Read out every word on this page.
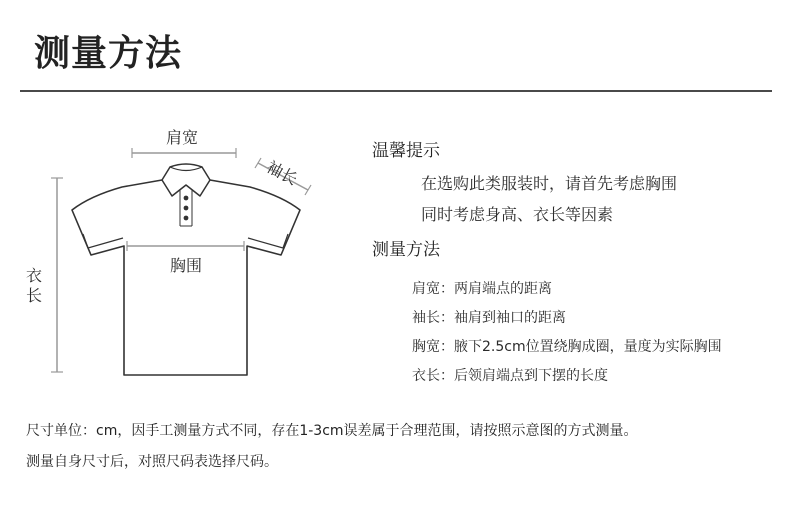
测量方法
肩宽
袖长
胸围
衣长
温馨提示
在选购此类服装时，请首先考虑胸围
同时考虑身高、衣长等因素
测量方法
肩宽：两肩端点的距离
袖长：袖肩到袖口的距离
胸宽：腋下2.5cm位置绕胸成圈，量度为实际胸围
衣长：后领肩端点到下摆的长度
尺寸单位：cm，因手工测量方式不同，存在1-3cm误差属于合理范围，请按照示意图的方式测量。
测量自身尺寸后，对照尺码表选择尺码。
